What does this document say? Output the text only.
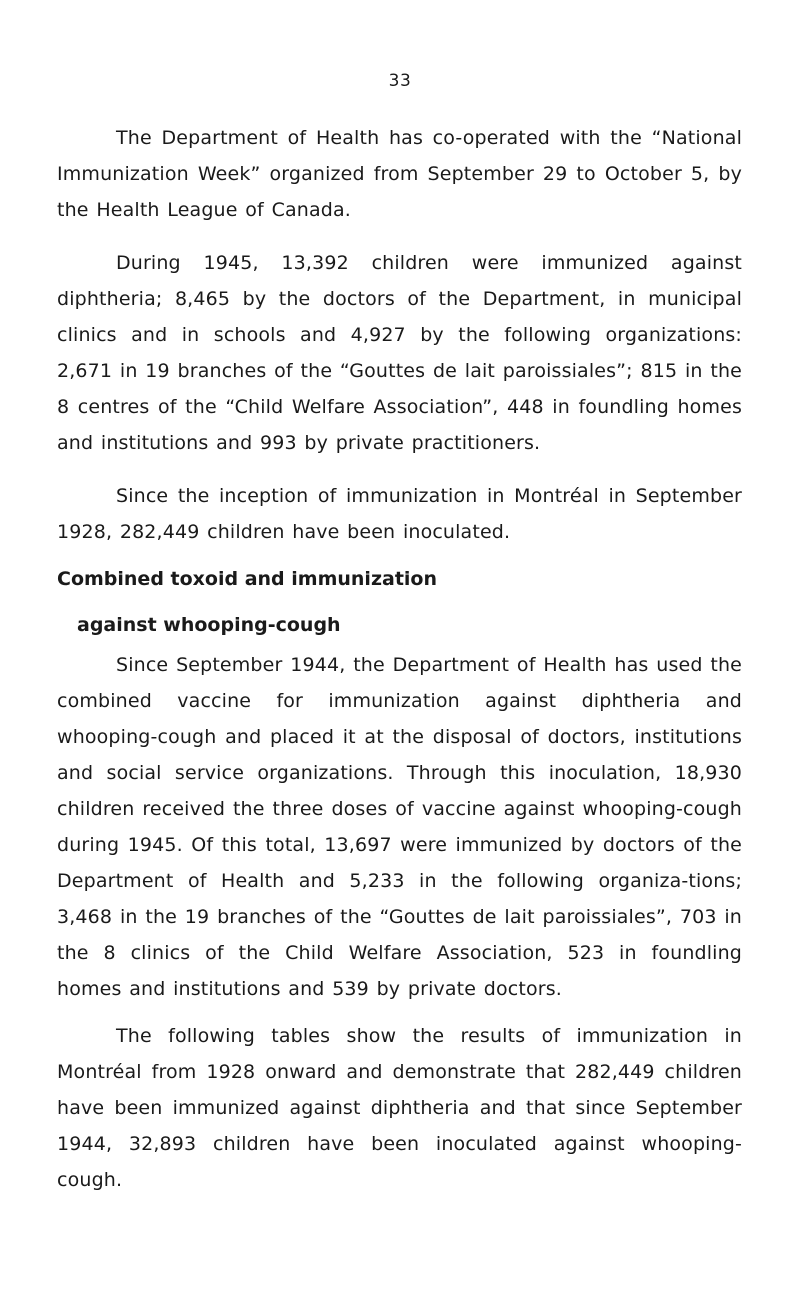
33

The Department of Health has co-operated with the “National Immunization Week” organized from September 29 to October 5, by the Health League of Canada.

During 1945, 13,392 children were immunized against diphtheria; 8,465 by the doctors of the Department, in municipal clinics and in schools and 4,927 by the following organizations: 2,671 in 19 branches of the “Gouttes de lait paroissiales”; 815 in the 8 centres of the “Child Welfare Association”, 448 in foundling homes and institutions and 993 by private practitioners.

Since the inception of immunization in Montréal in September 1928, 282,449 children have been inoculated.

Combined toxoid and immunization
against whooping-cough

Since September 1944, the Department of Health has used the combined vaccine for immunization against diphtheria and whooping-cough and placed it at the disposal of doctors, institutions and social service organizations. Through this inoculation, 18,930 children received the three doses of vaccine against whooping-cough during 1945. Of this total, 13,697 were immunized by doctors of the Department of Health and 5,233 in the following organiza-tions; 3,468 in the 19 branches of the “Gouttes de lait paroissiales”, 703 in the 8 clinics of the Child Welfare Association, 523 in foundling homes and institutions and 539 by private doctors.

The following tables show the results of immunization in Montréal from 1928 onward and demonstrate that 282,449 children have been immunized against diphtheria and that since September 1944, 32,893 children have been inoculated against whooping-cough.
